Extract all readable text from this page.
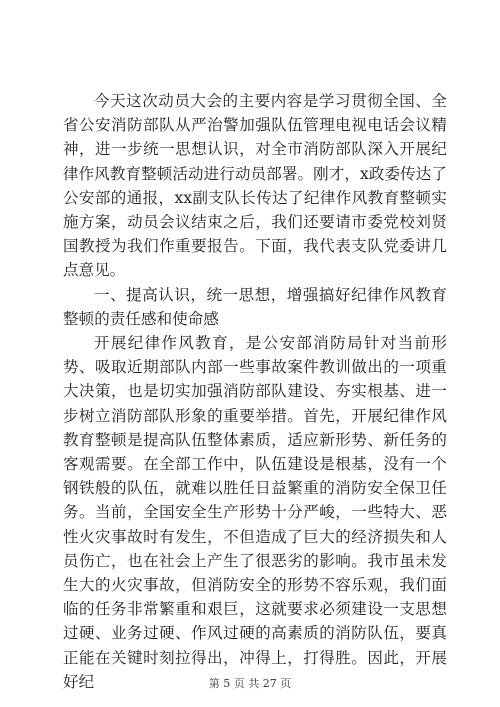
今天这次动员大会的主要内容是学习贯彻全国、全省公安消防部队从严治警加强队伍管理电视电话会议精神，进一步统一思想认识，对全市消防部队深入开展纪律作风教育整顿活动进行动员部署。刚才，x政委传达了公安部的通报，xx副支队长传达了纪律作风教育整顿实施方案，动员会议结束之后，我们还要请市委党校刘贤国教授为我们作重要报告。下面，我代表支队党委讲几点意见。

一、提高认识，统一思想，增强搞好纪律作风教育整顿的责任感和使命感

开展纪律作风教育，是公安部消防局针对当前形势、吸取近期部队内部一些事故案件教训做出的一项重大决策，也是切实加强消防部队建设、夯实根基、进一步树立消防部队形象的重要举措。首先，开展纪律作风教育整顿是提高队伍整体素质，适应新形势、新任务的客观需要。在全部工作中，队伍建设是根基，没有一个钢铁般的队伍，就难以胜任日益繁重的消防安全保卫任务。当前，全国安全生产形势十分严峻，一些特大、恶性火灾事故时有发生，不但造成了巨大的经济损失和人员伤亡，也在社会上产生了很恶劣的影响。我市虽未发生大的火灾事故，但消防安全的形势不容乐观，我们面临的任务非常繁重和艰巨，这就要求必须建设一支思想过硬、业务过硬、作风过硬的高素质的消防队伍，要真正能在关键时刻拉得出，冲得上，打得胜。因此，开展好纪	第 5 页 共 27 页
